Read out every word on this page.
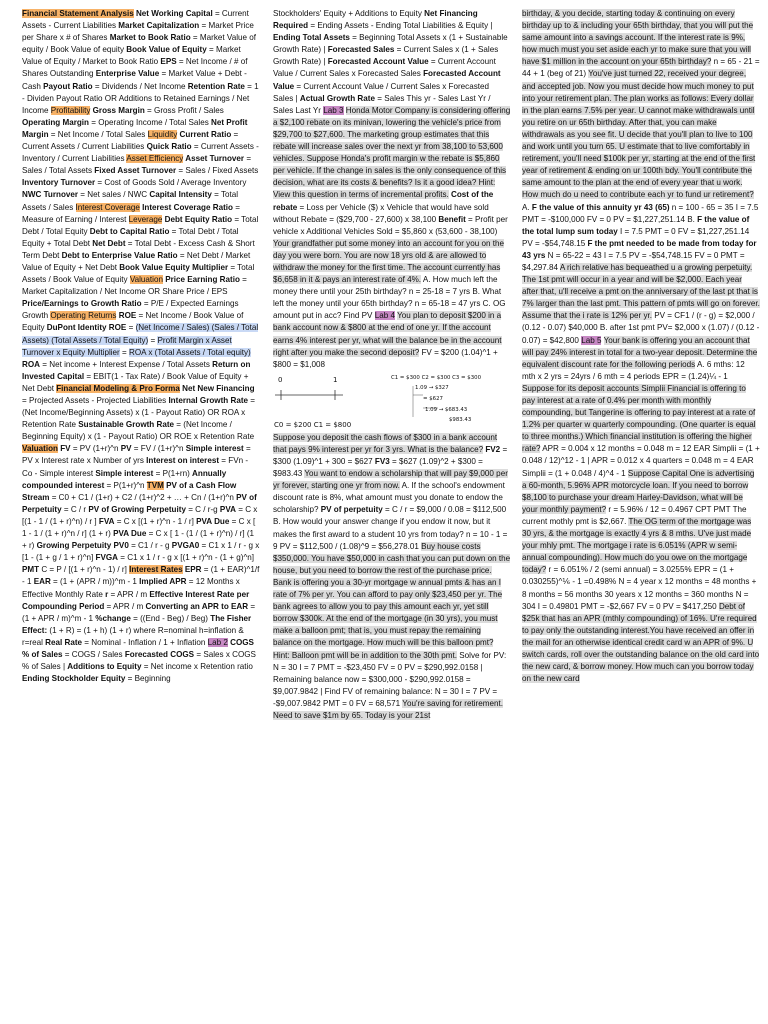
Financial Statement Analysis Net Working Capital = Current Assets - Current Liabilities Market Capitalization = Market Price per Share x # of Shares Market to Book Ratio = Market Value of equity / Book Value of equity Book Value of Equity = Market Value of Equity / Market to Book Ratio EPS = Net Income / # of Shares Outstanding Enterprise Value = Market Value + Debt - Cash Payout Ratio = Dividends / Net Income Retention Rate = 1 - Dividen Payout Ratio OR Additions to Retained Earnings / Net Income Profitability Gross Margin = Gross Profit / Sales Operating Margin = Operating Income / Total Sales Net Profit Margin = Net Income / Total Sales Liquidity Current Ratio = Current Assets / Current Liabilities Quick Ratio = Current Assets - Inventory / Current Liabilities Asset Efficiency Asset Turnover = Sales / Total Assets Fixed Asset Turnover = Sales / Fixed Assets Inventory Turnover = Cost of Goods Sold / Average Inventory NWC Turnover = Net sales / NWC Capital Intensity = Total Assets / Sales Interest Coverage Interest Coverage Ratio = Measure of Earning / Interest Leverage Debt Equity Ratio = Total Debt / Total Equity Debt to Capital Ratio = Total Debt / Total Equity + Total Debt Net Debt = Total Debt - Excess Cash & Short Term Debt Debt to Enterprise Value Ratio = Net Debt / Market Value of Equity + Net Debt Book Value Equity Multiplier = Total Assets / Book Value of Equity Valuation Price Earning Ratio = Market Capitalization / Net Income OR Share Price / EPS Price/Earnings to Growth Ratio = P/E / Expected Earnings Growth Operating Returns ROE = Net Income / Book Value of Equity DuPont Identity ROE = (Net Income / Sales) (Sales / Total Assets) (Total Assets / Total Equity) = Profit Margin x Asset Turnover x Equity Multiplier = ROA x (Total Assets / Total equity) ROA = Net income + Interest Expense / Total Assets Return on Invested Capital = EBIT(1 - Tax Rate) / Book Value of Equity + Net Debt Financial Modeling & Pro Forma Net New Financing = Projected Assets - Projected Liabilities Internal Growth Rate = (Net Income/Beginning Assets) x (1 - Payout Ratio) OR ROA x Retention Rate Sustainable Growth Rate = (Net Income / Beginning Equity) x (1 - Payout Ratio) OR ROE x Retention Rate Valuation FV = PV (1+r)^n PV = FV / (1+r)^n Simple interest = PV x Interest rate x Number of yrs Interest on interest = FVn - Co - Simple interest Simple interest = P(1+rn) Annually compounded interest = P(1+r)^n TVM PV of a Cash Flow Stream = C0 + C1 / (1+r) + C2 / (1+r)^2 + … + Cn / (1+r)^n PV of Perpetuity = C / r PV of Growing Perpetuity = C / r-g PVA = C x [(1 - 1 / (1 + r)^n) / r ] FVA = C x [(1 + r)^n - 1 / r] PVA Due = C x [ 1 - 1 / (1 + r)^n / r] (1 + r) PVA Due = C x [ 1 - (1 / (1 + r)^n) / r] (1 + r) Growing Perpetuity PV0 = C1 / r - g PVGA0 = C1 x 1 / r - g x [1 - (1 + g / 1 + r)^n] FVGA = C1 x 1 / r - g x [(1 + r)^n - (1 + g)^n] PMT C = P / [(1 + r)^n - 1) / r] Interest Rates EPR = (1 + EAR)^1/f - 1 EAR = (1 + (APR / m))^m - 1 Implied APR = 12 Months x Effective Monthly Rate r = APR / m Effective Interest Rate per Compounding Period = APR / m Converting an APR to EAR = (1 + APR / m)^m - 1 %change = ((End - Beg) / Beg) The Fisher Effect: (1 + R) = (1 + h) (1 + r) where R=nominal h=inflation & r=real Real Rate = Nominal - Inflation / 1 + Inflation Lab 2 COGS % of Sales = COGS / Sales Forecasted COGS = Sales x COGS % of Sales | Additions to Equity = Net income x Retention ratio Ending Stockholder Equity = Beginning
Stockholders' Equity + Additions to Equity Net Financing Required = Ending Assets - Ending Total Liabilities & Equity | Ending Total Assets = Beginning Total Assets x (1 + Sustainable Growth Rate) | Forecasted Sales = Current Sales x (1 + Sales Growth Rate) | Forecasted Account Value = Current Account Value / Current Sales x Forecasted Sales Forecasted Account Value = Current Account Value / Current Sales x Forecasted Sales | Actual Growth Rate = Sales This yr - Sales Last Yr / Sales Last Yr Lab 3 Honda Motor Company is considering offering a $2,100 rebate on its minivan, lowering the vehicle's price from $29,700 to $27,600. The marketing group estimates that this rebate will increase sales over the next yr from 38,100 to 53,600 vehicles. Suppose Honda's profit margin w the rebate is $5,860 per vehicle. If the change in sales is the only consequence of this decision, what are its costs & benefits? Is it a good idea? Hint: View this question in terms of incremental profits. Cost of the rebate = Loss per Vehicle ($) x Vehicle that would have sold without Rebate = ($29,700 - 27,600) x 38,100 Benefit = Profit per vehicle x Additional Vehicles Sold = $5,860 x (53,600 - 38,100) Your grandfather put some money into an account for you on the day you were born. You are now 18 yrs old & are allowed to withdraw the money for the first time. The account currently has $6,658 in it & pays an interest rate of 4%. A. How much left the money there until your 25th birthday? n = 25-18 = 7 yrs B. What left the money until your 65th birthday? n = 65-18 = 47 yrs C. OG amount put in acc? Find PV Lab 4 You plan to deposit $200 in a bank account now & $800 at the end of one yr. If the account earns 4% interest per yr, what will the balance be in the account right after you make the second deposit? FV = $200 (1.04)^1 + $800 = $1,008
0	1
C0 = $200 C1 = $800
C1 = $300 C2 = $300 C3 = $300
1.09 → $327
= $627
1.09 → $683.43
$983.43
Suppose you deposit the cash flows of $300 in a bank account that pays 9% interest per yr for 3 yrs. What is the balance? FV2 = $300 (1.09)^1 + 300 = $627 FV3 = $627 (1.09)^2 + $300 = $983.43 You want to endow a scholarship that will pay $9,000 per yr forever, starting one yr from now. A. If the school's endowment discount rate is 8%, what amount must you donate to endow the scholarship? PV of perpetuity = C / r = $9,000 / 0.08 = $112,500 B. How would your answer change if you endow it now, but it makes the first award to a student 10 yrs from today? n = 10 - 1 = 9 PV = $112,500 / (1.08)^9 = $56,278.01 Buy house costs $350,000. You have $50,000 in cash that you can put down on the house, but you need to borrow the rest of the purchase price. Bank is offering you a 30-yr mortgage w annual pmts & has an I rate of 7% per yr. You can afford to pay only $23,450 per yr. The bank agrees to allow you to pay this amount each yr, yet still borrow $300k. At the end of the mortgage (in 30 yrs), you must make a balloon pmt; that is, you must repay the remaining balance on the mortgage. How much will be this balloon pmt? Hint: Balloon pmt will be in addition to the 30th pmt. Solve for PV: N = 30 I = 7 PMT = -$23,450 FV = 0 PV = $290,992.0158 | Remaining balance now = $300,000 - $290,992.0158 = $9,007.9842 | Find FV of remaining balance: N = 30 I = 7 PV = -$9,007.9842 PMT = 0 FV = 68,571 You're saving for retirement. Need to save $1m by 65. Today is your 21st
birthday, & you decide, starting today & continuing on every birthday up to & including your 65th birthday, that you will put the same amount into a savings account. If the interest rate is 9%, how much must you set aside each yr to make sure that you will have $1 million in the account on your 65th birthday? n = 65 - 21 = 44 + 1 (beg of 21) You've just turned 22, received your degree, and accepted job. Now you must decide how much money to put into your retirement plan. The plan works as follows: Every dollar in the plan earns 7.5% per year. U cannot make withdrawals until you retire on ur 65th birthday. After that, you can make withdrawals as you see fit. U decide that you'll plan to live to 100 and work until you turn 65. U estimate that to live comfortably in retirement, you'll need $100k per yr, starting at the end of the first year of retirement & ending on ur 100th bdy. You'll contribute the same amount to the plan at the end of every year that u work. How much do u need to contribute each yr to fund ur retirement? A. F the value of this annuity yr 43 (65) n = 100 - 65 = 35 I = 7.5 PMT = -$100,000 FV = 0 PV = $1,227,251.14 B. F the value of the total lump sum today I = 7.5 PMT = 0 FV = $1,227,251.14 PV = -$54,748.15 F the pmt needed to be made from today for 43 yrs N = 65-22 = 43 I = 7.5 PV = -$54,748.15 FV = 0 PMT = $4,297.84 A rich relative has bequeathed u a growing perpetuity. The 1st pmt will occur in a year and will be $2,000. Each year after that, u'll receive a pmt on the anniversary of the last pt that is 7% larger than the last pmt. This pattern of pmts will go on forever. Assume that the i rate is 12% per yr. PV = CF1 / (r - g) = $2,000 / (0.12 - 0.07) $40,000 B. after 1st pmt PV= $2,000 x (1.07) / (0.12 - 0.07) = $42,800 Lab 5 Your bank is offering you an account that will pay 24% interest in total for a two-year deposit. Determine the equivalent discount rate for the following periods A. 6 mths: 12 mth x 2 yrs = 24yrs / 6 mth = 4 periods EPR = (1.24)¼ - 1 Suppose for its deposit accounts Simplii Financial is offering to pay interest at a rate of 0.4% per month with monthly compounding, but Tangerine is offering to pay interest at a rate of 1.2% per quarter w quarterly compounding. (One quarter is equal to three months.) Which financial institution is offering the higher rate? APR = 0.004 x 12 months = 0.048 m = 12 EAR Simplii = (1 + 0.048 / 12)^12 - 1 | APR = 0.012 x 4 quarters = 0.048 m = 4 EAR Simplii = (1 + 0.048 / 4)^4 - 1 Suppose Capital One is advertising a 60-month, 5.96% APR motorcycle loan. If you need to borrow $8,100 to purchase your dream Harley-Davidson, what will be your monthly payment? r = 5.96% / 12 = 0.4967 CPT PMT The current mothly pmt is $2,667. The OG term of the mortgage was 30 yrs, & the mortgage is exactly 4 yrs & 8 mths. U've just made your mhly pmt. The mortgage i rate is 6.051% (APR w semi-annual compounding). How much do you owe on the mortgage today? r = 6.051% / 2 (semi annual) = 3.0255% EPR = (1 + 0.030255)^⅙ - 1 =0.498% N = 4 year x 12 months = 48 months + 8 months = 56 months 30 years x 12 months = 360 months N = 304 I = 0.49801 PMT = -$2,667 FV = 0 PV = $417,250 Debt of $25k that has an APR (mthly compounding) of 16%. U're required to pay only the outstanding interest.You have received an offer in the mail for an otherwise identical credit card w an APR of 9%. U switch cards, roll over the outstanding balance on the old card into the new card, & borrow money. How much can you borrow today on the new card
